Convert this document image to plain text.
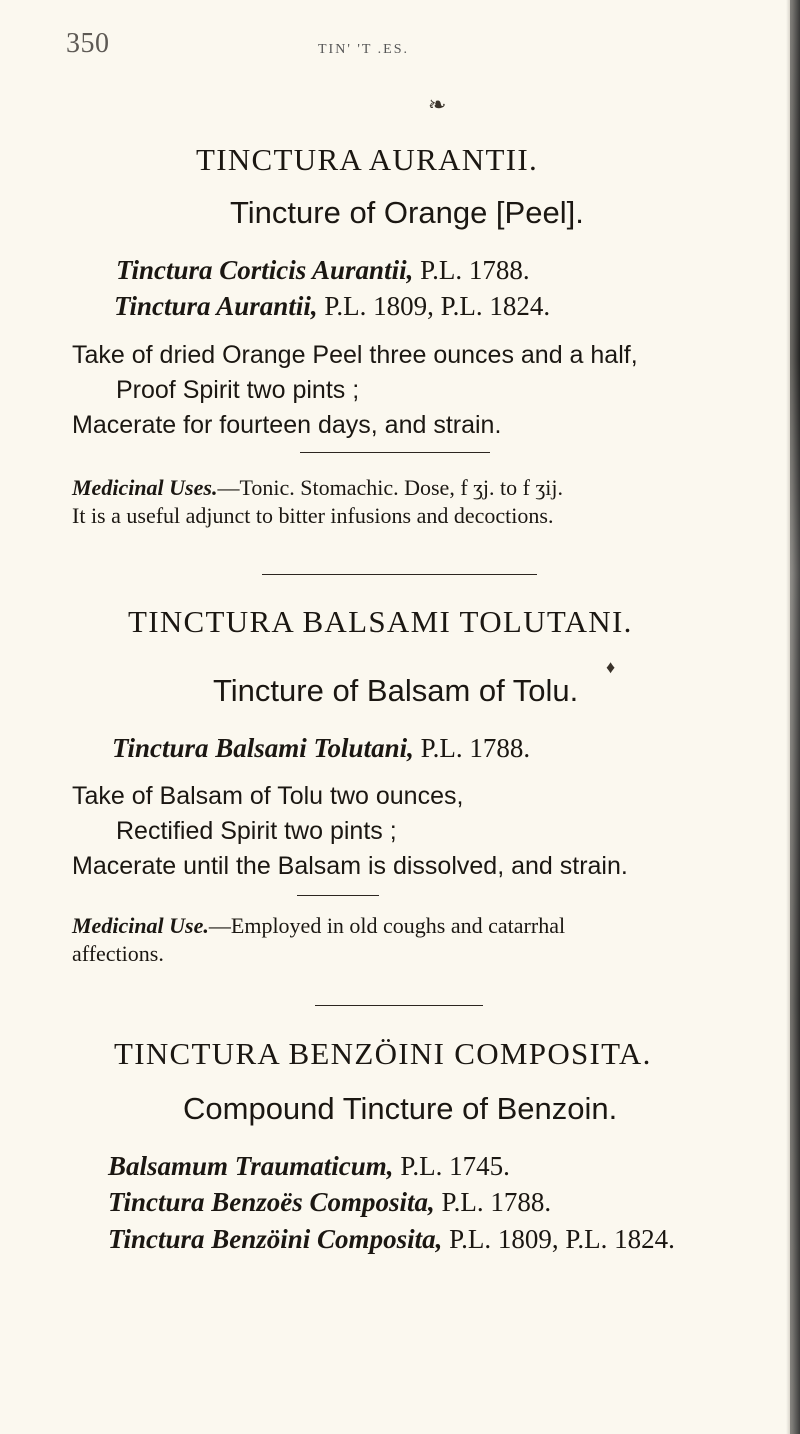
350	TIN' 'T .ES.
❧
TINCTURA AURANTII.
Tincture of Orange [Peel].
Tinctura Corticis Aurantii, P.L. 1788.
Tinctura Aurantii, P.L. 1809, P.L. 1824.
Take of dried Orange Peel three ounces and a half,
Proof Spirit two pints ;
Macerate for fourteen days, and strain.
Medicinal Uses.—Tonic. Stomachic. Dose, f ʒj. to f ʒij.
It is a useful adjunct to bitter infusions and decoctions.
TINCTURA BALSAMI TOLUTANI.
♦
Tincture of Balsam of Tolu.
Tinctura Balsami Tolutani, P.L. 1788.
Take of Balsam of Tolu two ounces,
Rectified Spirit two pints ;
Macerate until the Balsam is dissolved, and strain.
Medicinal Use.—Employed in old coughs and catarrhal
affections.
TINCTURA BENZÖINI COMPOSITA.
Compound Tincture of Benzoin.
Balsamum Traumaticum, P.L. 1745.
Tinctura Benzoës Composita, P.L. 1788.
Tinctura Benzöini Composita, P.L. 1809, P.L. 1824.
